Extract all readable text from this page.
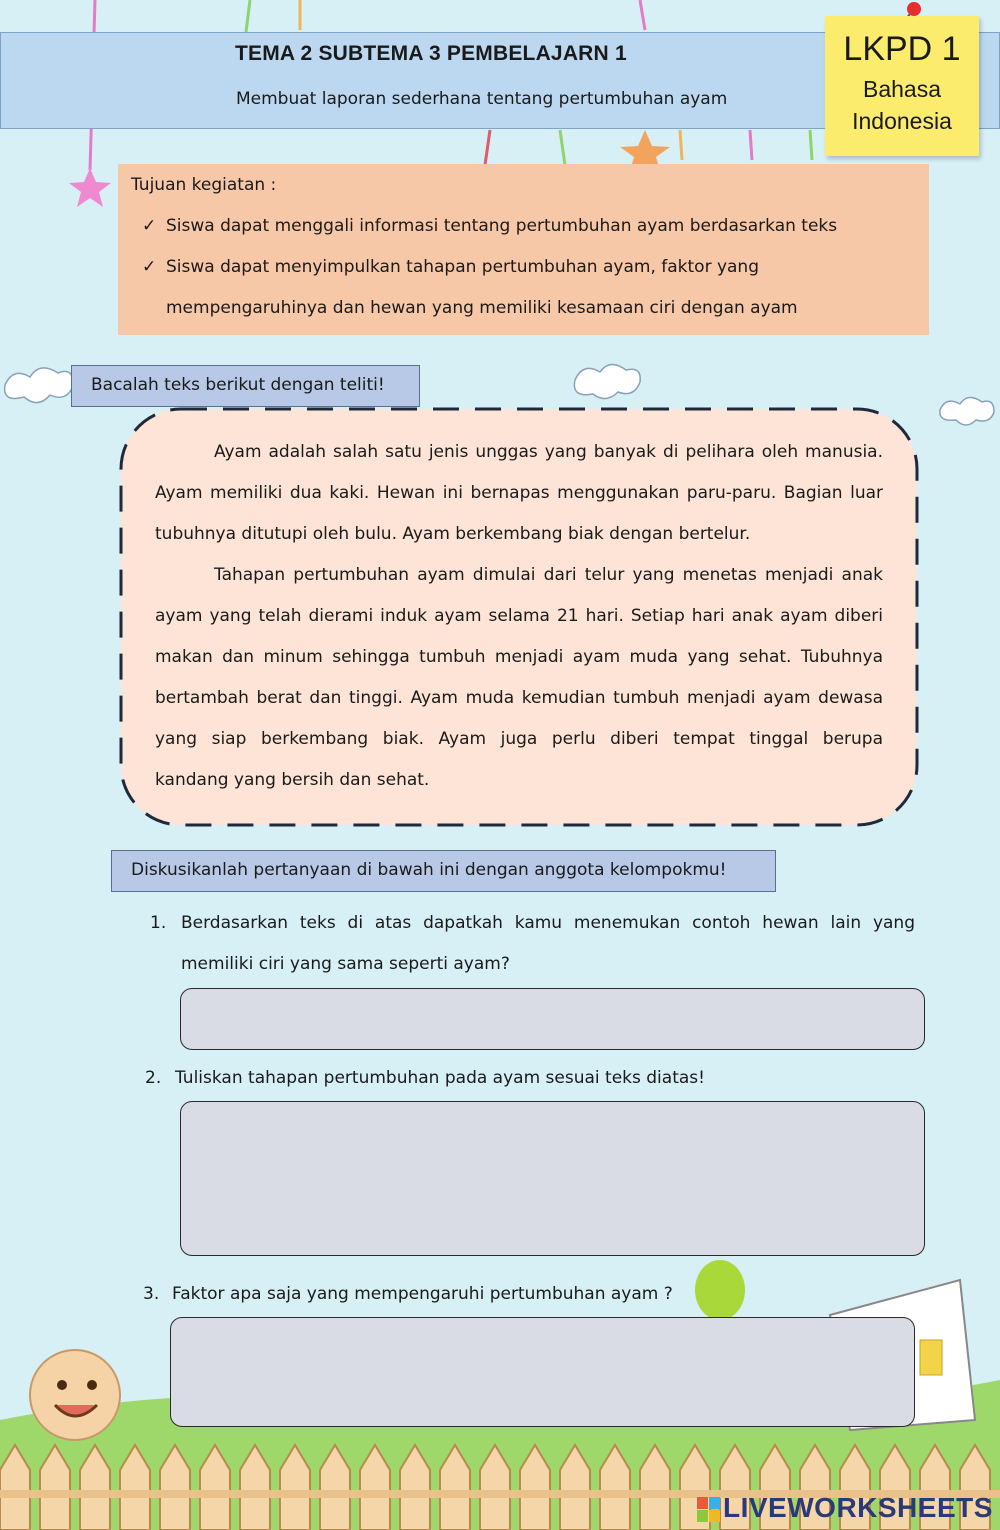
TEMA 2 SUBTEMA 3 PEMBELAJARN 1
Membuat laporan sederhana tentang pertumbuhan ayam
LKPD 1
Bahasa
Indonesia
Tujuan kegiatan :
✓ Siswa dapat menggali informasi tentang pertumbuhan ayam berdasarkan teks
✓ Siswa dapat menyimpulkan tahapan pertumbuhan ayam, faktor yang
mempengaruhinya dan hewan yang memiliki kesamaan ciri dengan ayam
Bacalah teks berikut dengan teliti!
Ayam adalah salah satu jenis unggas yang banyak di pelihara oleh manusia.
Ayam memiliki dua kaki. Hewan ini bernapas menggunakan paru-paru. Bagian luar
tubuhnya ditutupi oleh bulu. Ayam berkembang biak dengan bertelur.
Tahapan pertumbuhan ayam dimulai dari telur yang menetas menjadi anak
ayam yang telah dierami induk ayam selama 21 hari. Setiap hari anak ayam diberi
makan dan minum sehingga tumbuh menjadi ayam muda yang sehat. Tubuhnya
bertambah berat dan tinggi. Ayam muda kemudian tumbuh menjadi ayam dewasa
yang siap berkembang biak. Ayam juga perlu diberi tempat tinggal berupa
kandang yang bersih dan sehat.
Diskusikanlah pertanyaan di bawah ini dengan anggota kelompokmu!
1. Berdasarkan teks di atas dapatkah kamu menemukan contoh hewan lain yang
memiliki ciri yang sama seperti ayam?
2. Tuliskan tahapan pertumbuhan pada ayam sesuai teks diatas!
3. Faktor apa saja yang mempengaruhi pertumbuhan ayam ?
LIVEWORKSHEETS
